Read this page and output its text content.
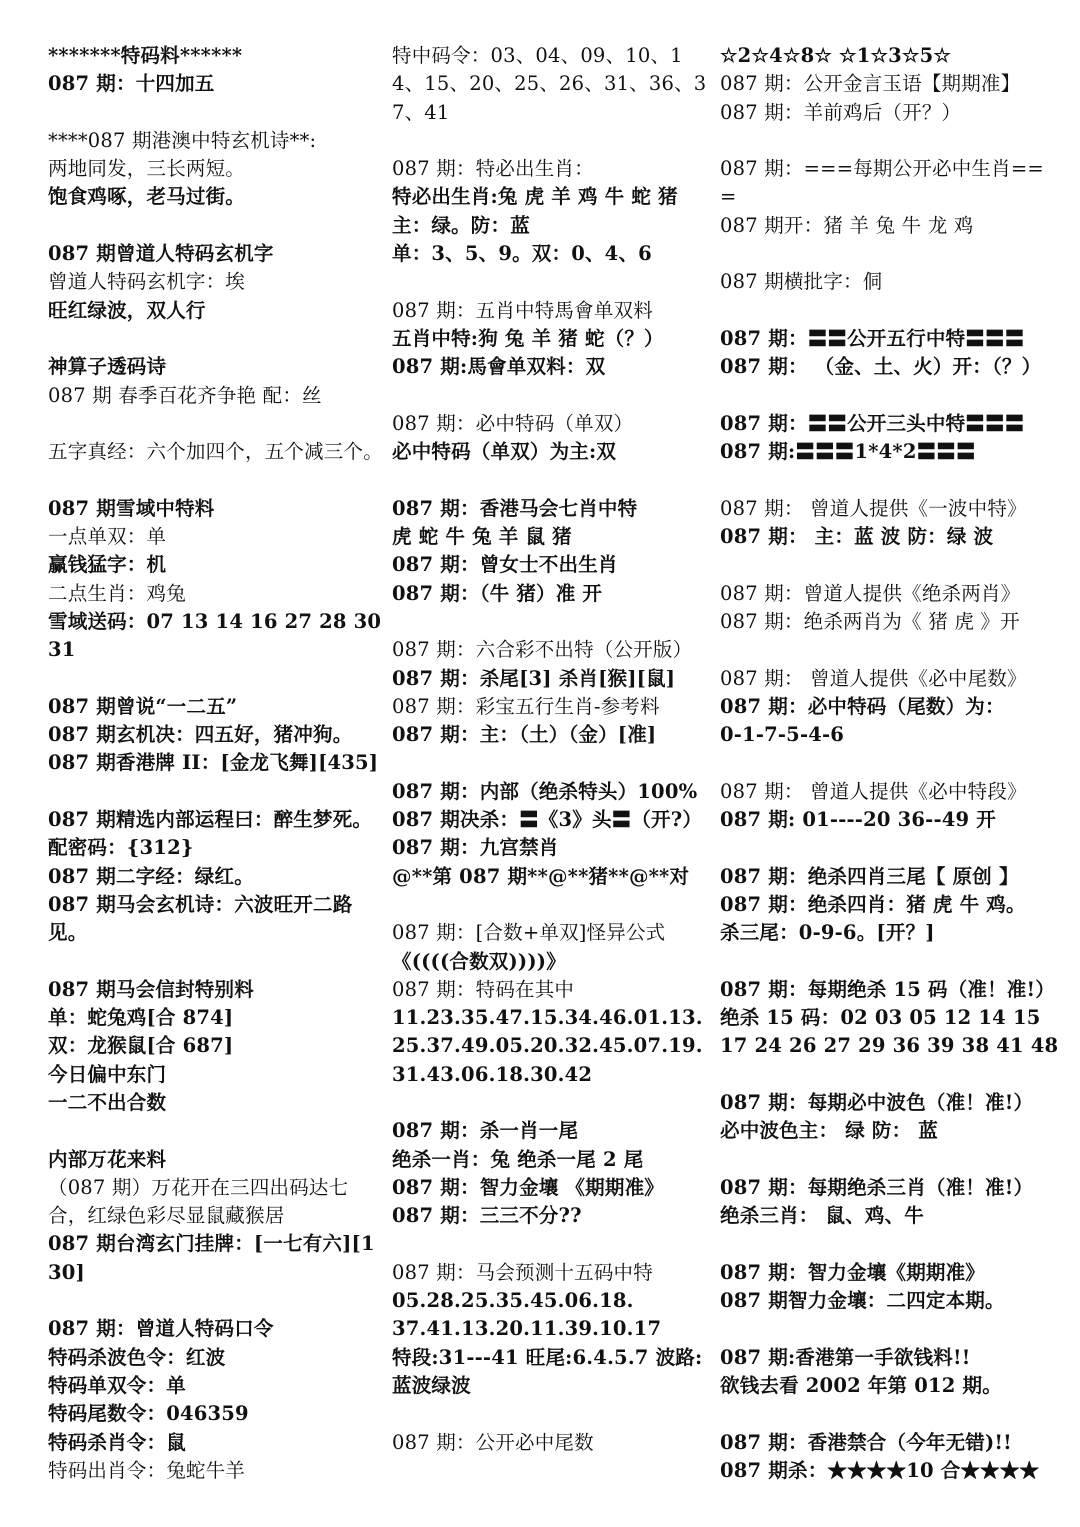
*******特码料******

087 期：十四加五

****087 期港澳中特玄机诗**:

两地同发，三长两短。

饱食鸡啄，老马过街。

087 期曾道人特码玄机字

曾道人特码玄机字：埃

旺红绿波，双人行

神算子透码诗

087 期 春季百花齐争艳 配：丝

五字真经：六个加四个，五个减三个。

087 期雪域中特料

一点单双：单

赢钱猛字：机

二点生肖：鸡兔

雪域送码：07 13 14 16 27 28 30 31

087 期曾说“一二五”

087 期玄机决：四五好，猪冲狗。

087 期香港牌 II：[金龙飞舞][435]

087 期精选内部运程曰：醉生梦死。

配密码：{312}

087 期二字经：绿红。

087 期马会玄机诗：六波旺开二路见。

087 期马会信封特别料

单：蛇兔鸡[合 874]

双：龙猴鼠[合 687]

今日偏中东门

一二不出合数

内部万花来料

（087 期）万花开在三四出码达七合，红绿色彩尽显鼠藏猴居

087 期台湾玄门挂牌：[一七有六][130]

087 期：曾道人特码口令

特码杀波色令：红波

特码单双令：单

特码尾数令：046359

特码杀肖令：鼠

特码出肖令：兔蛇牛羊

特中码令：03、04、09、10、14、15、20、25、26、31、36、37、41

087 期：特必出生肖：

特必出生肖:兔 虎 羊 鸡 牛 蛇 猪

主：绿。防：蓝

单：3、5、9。双：0、4、6

087 期：五肖中特馬會单双料

五肖中特:狗 兔 羊 猪 蛇（？）

087 期:馬會单双料：双

087 期：必中特码（单双）

必中特码（单双）为主:双

087 期：香港马会七肖中特

虎 蛇 牛 兔 羊 鼠 猪

087 期：曾女士不出生肖

087 期：（牛 猪）准 开

087 期：六合彩不出特（公开版）

087 期：杀尾[3] 杀肖[猴][鼠]

087 期：彩宝五行生肖-参考料

087 期：主：（土）（金）[准]

087 期：内部（绝杀特头）100%

087 期决杀：〓《3》头〓（开?）

087 期：九宫禁肖

@**第 087 期**@**猪**@**对

087 期：[合数+单双]怪异公式

《((((合数双))))》

087 期：特码在其中

11.23.35.47.15.34.46.01.13.25.37.49.05.20.32.45.07.19.31.43.06.18.30.42

087 期：杀一肖一尾

绝杀一肖：兔 绝杀一尾 2 尾

087 期：智力金壤 《期期准》

087 期：三三不分??

087 期：马会预测十五码中特

05.28.25.35.45.06.18.

37.41.13.20.11.39.10.17

特段:31---41 旺尾:6.4.5.7 波路:蓝波绿波

087 期：公开必中尾数

☆2☆4☆8☆ ☆1☆3☆5☆

087 期：公开金言玉语【期期准】

087 期：羊前鸡后（开？）

087 期：===每期公开必中生肖===

087 期开：猪 羊 兔 牛 龙 鸡

087 期横批字：侗

087 期：〓〓公开五行中特〓〓〓

087 期： （金、土、火）开：（？）

087 期：〓〓公开三头中特〓〓〓

087 期:〓〓〓1*4*2〓〓〓

087 期： 曾道人提供《一波中特》

087 期： 主：蓝 波 防：绿 波

087 期：曾道人提供《绝杀两肖》

087 期：绝杀两肖为《 猪 虎 》开

087 期： 曾道人提供《必中尾数》

087 期：必中特码（尾数）为：

0-1-7-5-4-6

087 期： 曾道人提供《必中特段》

087 期: 01----20 36--49 开

087 期：绝杀四肖三尾【 原创 】

087 期：绝杀四肖：猪 虎 牛 鸡。

杀三尾：0-9-6。[开？]

087 期：每期绝杀 15 码（准！准!）

绝杀 15 码：02 03 05 12 14 15 17 24 26 27 29 36 39 38 41 48

087 期：每期必中波色（准！准!）

必中波色主： 绿 防： 蓝

087 期：每期绝杀三肖（准！准!）

绝杀三肖： 鼠、鸡、牛

087 期：智力金壤《期期准》

087 期智力金壤：二四定本期。

087 期:香港第一手欲钱料!!

欲钱去看 2002 年第 012 期。

087 期：香港禁合（今年无错)!!

087 期杀：★★★★10 合★★★★
